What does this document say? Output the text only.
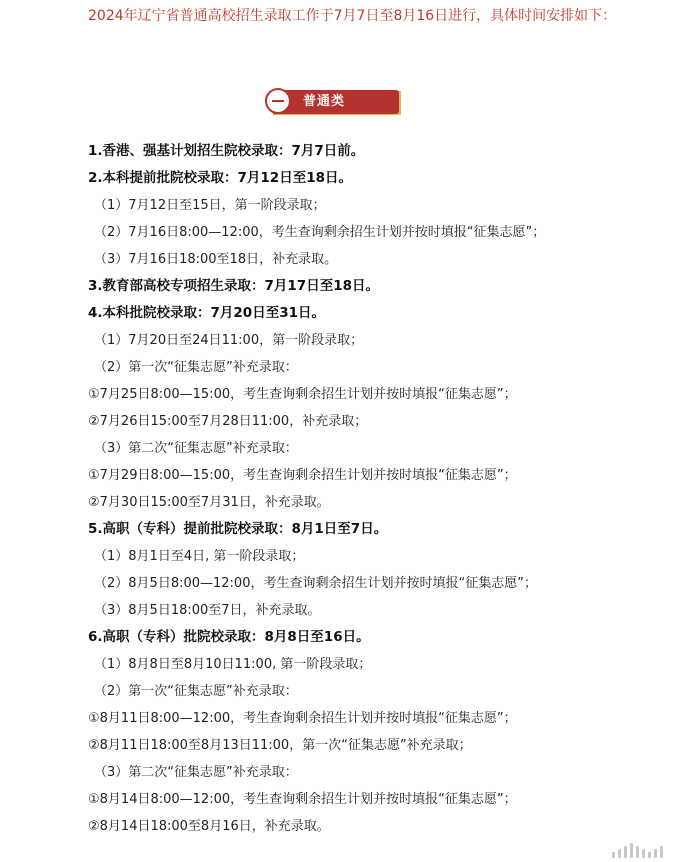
2024年辽宁省普通高校招生录取工作于7月7日至8月16日进行，具体时间安排如下：
普通类
1.香港、强基计划招生院校录取：7月7日前。
2.本科提前批院校录取：7月12日至18日。
（1）7月12日至15日，第一阶段录取；
（2）7月16日8:00—12:00，考生查询剩余招生计划并按时填报“征集志愿”；
（3）7月16日18:00至18日，补充录取。
3.教育部高校专项招生录取：7月17日至18日。
4.本科批院校录取：7月20日至31日。
（1）7月20日至24日11:00，第一阶段录取；
（2）第一次“征集志愿”补充录取：
①7月25日8:00—15:00，考生查询剩余招生计划并按时填报“征集志愿”；
②7月26日15:00至7月28日11:00，补充录取；
（3）第二次“征集志愿”补充录取：
①7月29日8:00—15:00，考生查询剩余招生计划并按时填报“征集志愿”；
②7月30日15:00至7月31日，补充录取。
5.高职（专科）提前批院校录取：8月1日至7日。
（1）8月1日至4日, 第一阶段录取；
（2）8月5日8:00—12:00，考生查询剩余招生计划并按时填报“征集志愿”；
（3）8月5日18:00至7日，补充录取。
6.高职（专科）批院校录取：8月8日至16日。
（1）8月8日至8月10日11:00, 第一阶段录取；
（2）第一次“征集志愿”补充录取：
①8月11日8:00—12:00，考生查询剩余招生计划并按时填报“征集志愿”；
②8月11日18:00至8月13日11:00，第一次“征集志愿”补充录取；
（3）第二次“征集志愿”补充录取：
①8月14日8:00—12:00，考生查询剩余招生计划并按时填报“征集志愿”；
②8月14日18:00至8月16日，补充录取。
